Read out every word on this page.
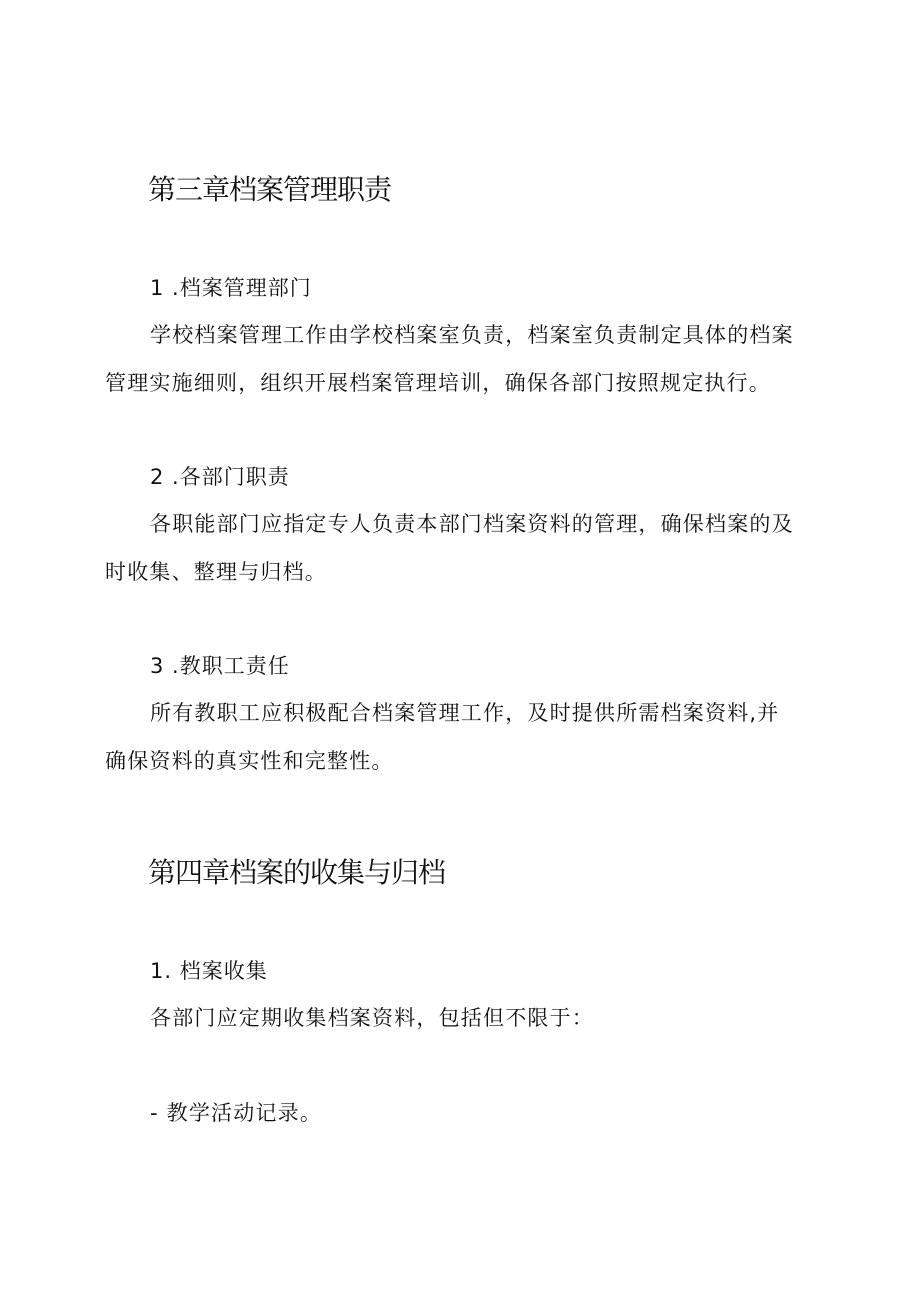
第三章档案管理职责

1 .档案管理部门

学校档案管理工作由学校档案室负责，档案室负责制定具体的档案

管理实施细则，组织开展档案管理培训，确保各部门按照规定执行。

2 .各部门职责

各职能部门应指定专人负责本部门档案资料的管理，确保档案的及

时收集、整理与归档。

3 .教职工责任

所有教职工应积极配合档案管理工作，及时提供所需档案资料,并

确保资料的真实性和完整性。

第四章档案的收集与归档

1. 档案收集

各部门应定期收集档案资料，包括但不限于：

- 教学活动记录。
